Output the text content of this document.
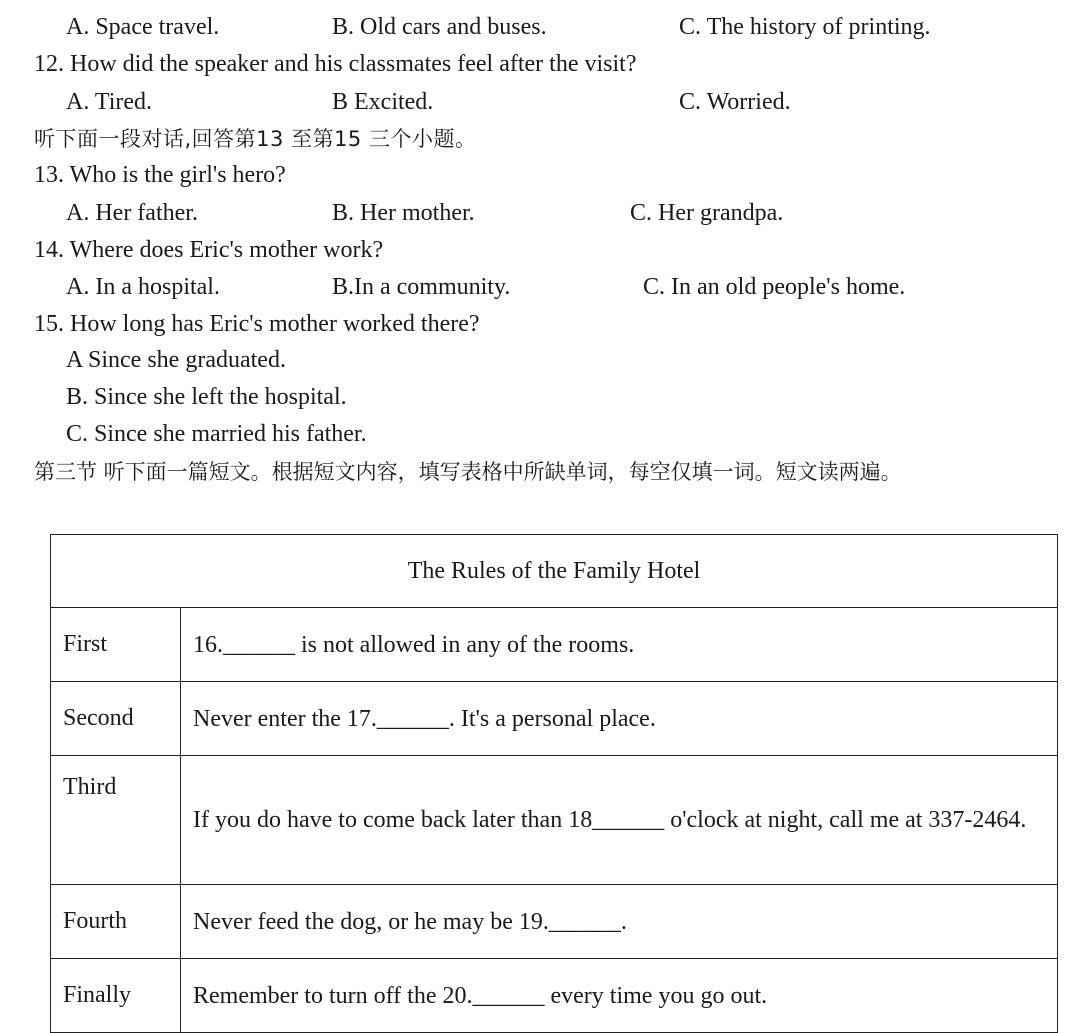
A. Space travel.	B. Old cars and buses.	C. The history of printing.
12. How did the speaker and his classmates feel after the visit?
A. Tired.	B Excited.	C. Worried.
听下面一段对话,回答第13 至第15 三个小题。
13. Who is the girl's hero?
A. Her father.	B. Her mother.	C. Her grandpa.
14. Where does Eric's mother work?
A. In a hospital.	B.In a community.	C. In an old people's home.
15. How long has Eric's mother worked there?
A Since she graduated.
B. Since she left the hospital.
C. Since she married his father.
第三节 听下面一篇短文。根据短文内容，填写表格中所缺单词，每空仅填一词。短文读两遍。
The Rules of the Family Hotel	
First	16.______ is not allowed in any of the rooms.
Second	Never enter the 17.______. It's a personal place.
Third	If you do have to come back later than 18______ o'clock at night, call me at 337-2464.
Fourth	Never feed the dog, or he may be 19.______.
Finally	Remember to turn off the 20.______ every time you go out.
